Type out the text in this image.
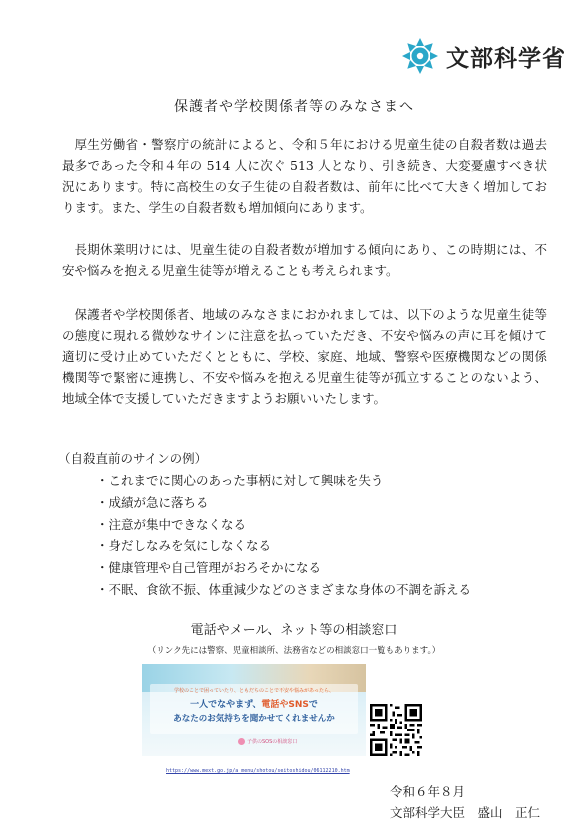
文部科学省
保護者や学校関係者等のみなさまへ

厚生労働省・警察庁の統計によると、令和５年における児童生徒の自殺者数は過去最多であった令和４年の 514 人に次ぐ 513 人となり、引き続き、大変憂慮すべき状況にあります。特に高校生の女子生徒の自殺者数は、前年に比べて大きく増加しております。また、学生の自殺者数も増加傾向にあります。

長期休業明けには、児童生徒の自殺者数が増加する傾向にあり、この時期には、不安や悩みを抱える児童生徒等が増えることも考えられます。

保護者や学校関係者、地域のみなさまにおかれましては、以下のような児童生徒等の態度に現れる微妙なサインに注意を払っていただき、不安や悩みの声に耳を傾けて適切に受け止めていただくとともに、学校、家庭、地域、警察や医療機関などの関係機関等で緊密に連携し、不安や悩みを抱える児童生徒等が孤立することのないよう、地域全体で支援していただきますようお願いいたします。

（自殺直前のサインの例）
・これまでに関心のあった事柄に対して興味を失う
・成績が急に落ちる
・注意が集中できなくなる
・身だしなみを気にしなくなる
・健康管理や自己管理がおろそかになる
・不眠、食欲不振、体重減少などのさまざまな身体の不調を訴える
電話やメール、ネット等の相談窓口
（リンク先には警察、児童相談所、法務省などの相談窓口一覧もあります。）
学校のことで困っていたり、ともだちのことで不安や悩みがあったら、
一人でなやまず、電話やSNSで
あなたのお気持ちを聞かせてくれませんか
子供のSOSの相談窓口
https://www.mext.go.jp/a_menu/shotou/seitoshidou/06112210.htm
令和６年８月
文部科学大臣　盛山　正仁
